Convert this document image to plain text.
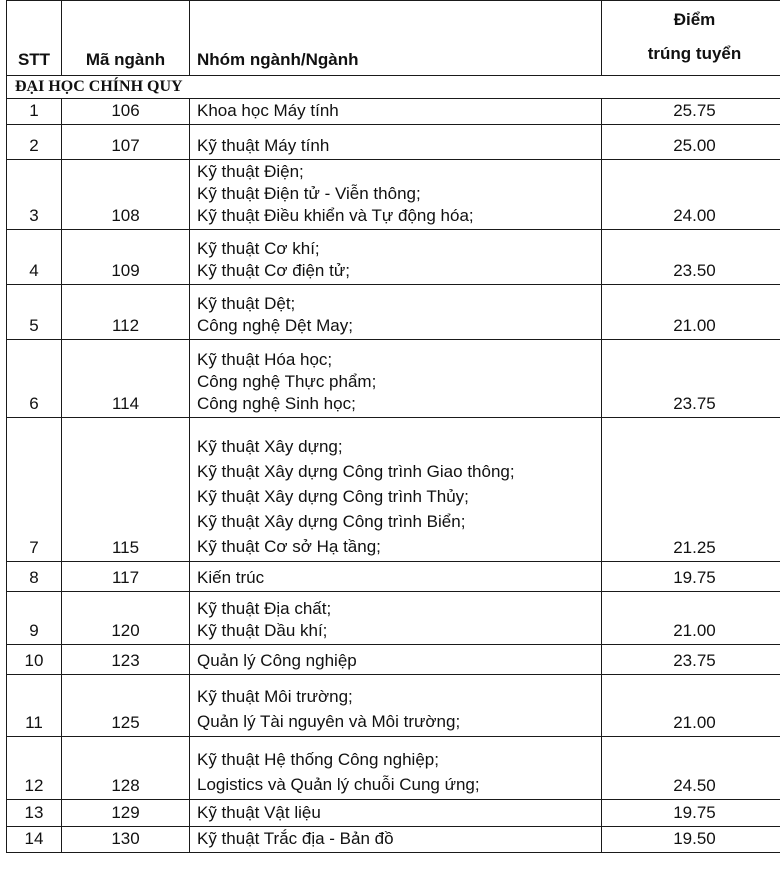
STT	Mã ngành	Nhóm ngành/Ngành	Điểm
trúng tuyển

ĐẠI HỌC CHÍNH QUY			
1	106	Khoa học Máy tính	25.75
2	107	Kỹ thuật Máy tính	25.00
3	108	Kỹ thuật Điện;
Kỹ thuật Điện tử - Viễn thông;
Kỹ thuật Điều khiển và Tự động hóa;	24.00
4	109	Kỹ thuật Cơ khí;
Kỹ thuật Cơ điện tử;	23.50
5	112	Kỹ thuật Dệt;
Công nghệ Dệt May;	21.00
6	114	Kỹ thuật Hóa học;
Công nghệ Thực phẩm;
Công nghệ Sinh học;	23.75
7	115	Kỹ thuật Xây dựng;
Kỹ thuật Xây dựng Công trình Giao thông;
Kỹ thuật Xây dựng Công trình Thủy;
Kỹ thuật Xây dựng Công trình Biển;
Kỹ thuật Cơ sở Hạ tầng;	21.25
8	117	Kiến trúc	19.75
9	120	Kỹ thuật Địa chất;
Kỹ thuật Dầu khí;	21.00
10	123	Quản lý Công nghiệp	23.75
11	125	Kỹ thuật Môi trường;
Quản lý Tài nguyên và Môi trường;	21.00
12	128	Kỹ thuật Hệ thống Công nghiệp;
Logistics và Quản lý chuỗi Cung ứng;	24.50
13	129	Kỹ thuật Vật liệu	19.75
14	130	Kỹ thuật Trắc địa - Bản đồ	19.50
